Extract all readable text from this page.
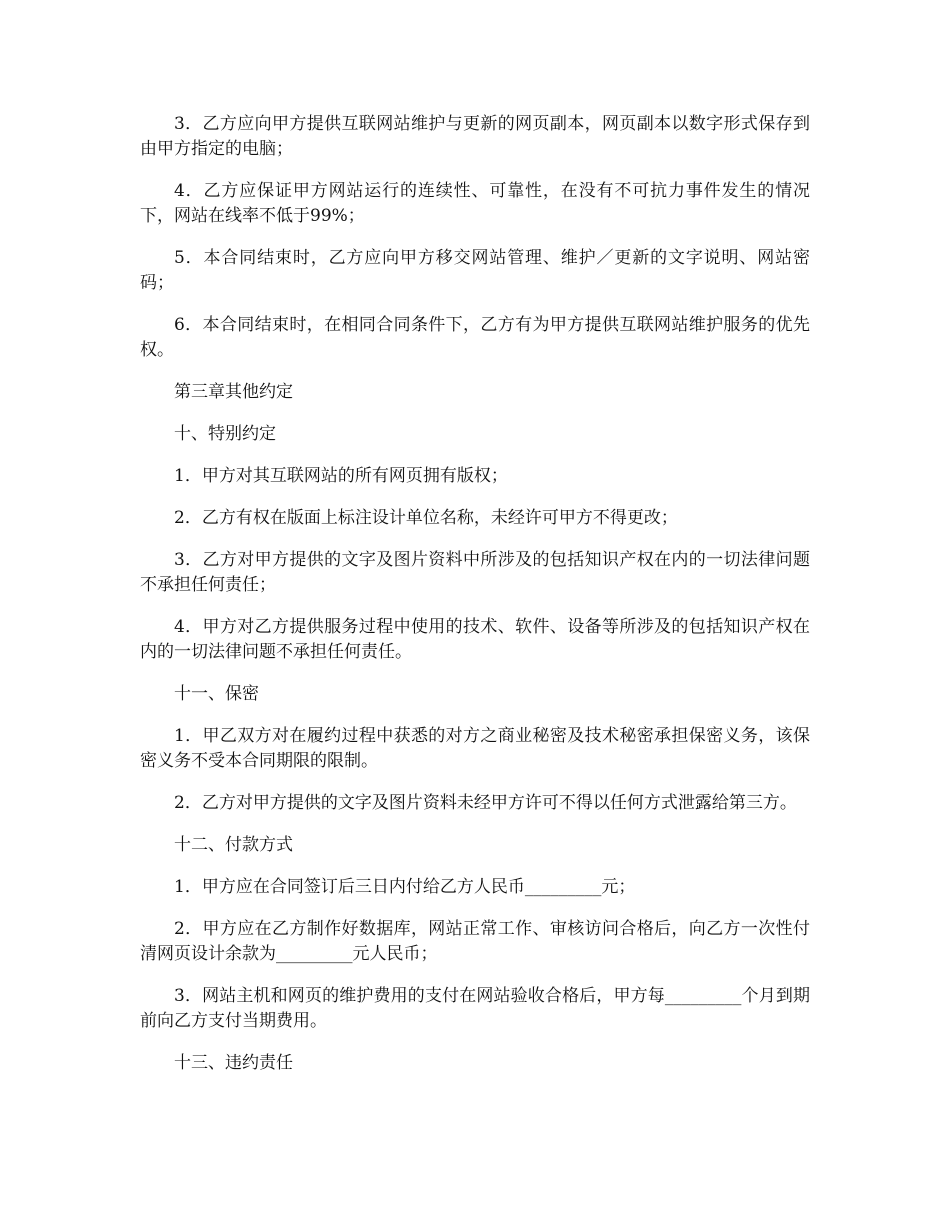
3．乙方应向甲方提供互联网站维护与更新的网页副本，网页副本以数字形式保存到由甲方指定的电脑；

4．乙方应保证甲方网站运行的连续性、可靠性，在没有不可抗力事件发生的情况下，网站在线率不低于99%；

5．本合同结束时，乙方应向甲方移交网站管理、维护／更新的文字说明、网站密码；

6．本合同结束时，在相同合同条件下，乙方有为甲方提供互联网站维护服务的优先权。

第三章其他约定

十、特别约定

1．甲方对其互联网站的所有网页拥有版权；

2．乙方有权在版面上标注设计单位名称，未经许可甲方不得更改；

3．乙方对甲方提供的文字及图片资料中所涉及的包括知识产权在内的一切法律问题不承担任何责任；

4．甲方对乙方提供服务过程中使用的技术、软件、设备等所涉及的包括知识产权在内的一切法律问题不承担任何责任。

十一、保密

1．甲乙双方对在履约过程中获悉的对方之商业秘密及技术秘密承担保密义务，该保密义务不受本合同期限的限制。

2．乙方对甲方提供的文字及图片资料未经甲方许可不得以任何方式泄露给第三方。

十二、付款方式

1．甲方应在合同签订后三日内付给乙方人民币_________元；

2．甲方应在乙方制作好数据库，网站正常工作、审核访问合格后，向乙方一次性付清网页设计余款为_________元人民币；

3．网站主机和网页的维护费用的支付在网站验收合格后，甲方每_________个月到期前向乙方支付当期费用。

十三、违约责任
